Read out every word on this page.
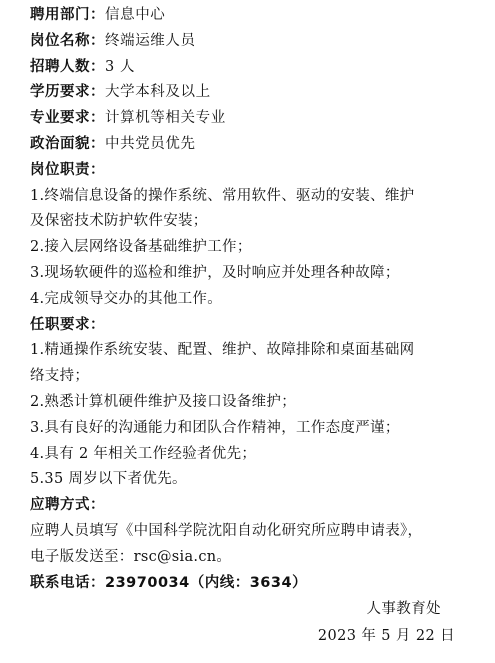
聘用部门：信息中心
岗位名称：终端运维人员
招聘人数：3 人
学历要求：大学本科及以上
专业要求：计算机等相关专业
政治面貌：中共党员优先
岗位职责：
1.终端信息设备的操作系统、常用软件、驱动的安装、维护
及保密技术防护软件安装；
2.接入层网络设备基础维护工作；
3.现场软硬件的巡检和维护，及时响应并处理各种故障；
4.完成领导交办的其他工作。
任职要求：
1.精通操作系统安装、配置、维护、故障排除和桌面基础网
络支持；
2.熟悉计算机硬件维护及接口设备维护；
3.具有良好的沟通能力和团队合作精神，工作态度严谨；
4.具有 2 年相关工作经验者优先；
5.35 周岁以下者优先。
应聘方式：
应聘人员填写《中国科学院沈阳自动化研究所应聘申请表》，
电子版发送至：rsc@sia.cn。
联系电话：23970034（内线：3634）
人事教育处
2023 年 5 月 22 日
